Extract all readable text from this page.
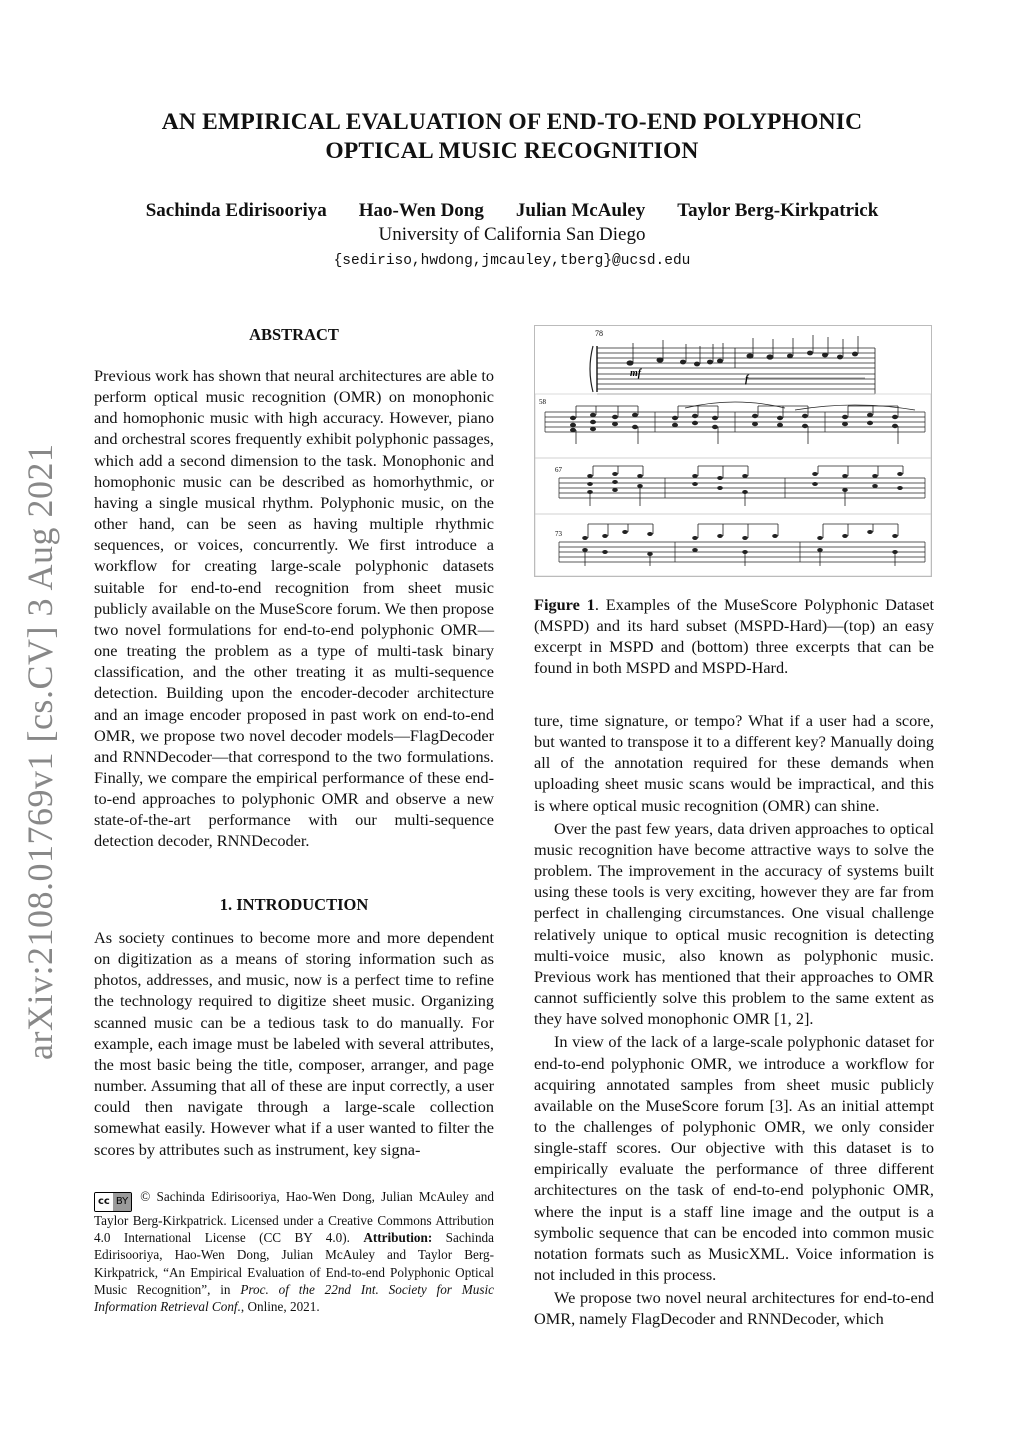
AN EMPIRICAL EVALUATION OF END-TO-END POLYPHONIC
OPTICAL MUSIC RECOGNITION
Sachinda Edirisooriya Hao-Wen Dong Julian McAuley Taylor Berg-Kirkpatrick
University of California San Diego
{sediriso,hwdong,jmcauley,tberg}@ucsd.edu
arXiv:2108.01769v1 [cs.CV] 3 Aug 2021
ABSTRACT
Previous work has shown that neural architectures are able to perform optical music recognition (OMR) on monophonic and homophonic music with high accuracy. However, piano and orchestral scores frequently exhibit polyphonic passages, which add a second dimension to the task. Monophonic and homophonic music can be described as homorhythmic, or having a single musical rhythm. Polyphonic music, on the other hand, can be seen as having multiple rhythmic sequences, or voices, concurrently. We first introduce a workflow for creating large-scale polyphonic datasets suitable for end-to-end recognition from sheet music publicly available on the MuseScore forum. We then propose two novel formulations for end-to-end polyphonic OMR—one treating the problem as a type of multi-task binary classification, and the other treating it as multi-sequence detection. Building upon the encoder-decoder architecture and an image encoder proposed in past work on end-to-end OMR, we propose two novel decoder models—FlagDecoder and RNNDecoder—that correspond to the two formulations. Finally, we compare the empirical performance of these end-to-end approaches to polyphonic OMR and observe a new state-of-the-art performance with our multi-sequence detection decoder, RNNDecoder.
1. INTRODUCTION
As society continues to become more and more dependent on digitization as a means of storing information such as photos, addresses, and music, now is a perfect time to refine the technology required to digitize sheet music. Organizing scanned music can be a tedious task to do manually. For example, each image must be labeled with several attributes, the most basic being the title, composer, arranger, and page number. Assuming that all of these are input correctly, a user could then navigate through a large-scale collection somewhat easily. However what if a user wanted to filter the scores by attributes such as instrument, key signa-
cc BY © Sachinda Edirisooriya, Hao-Wen Dong, Julian McAuley and Taylor Berg-Kirkpatrick. Licensed under a Creative Commons Attribution 4.0 International License (CC BY 4.0). Attribution: Sachinda Edirisooriya, Hao-Wen Dong, Julian McAuley and Taylor Berg-Kirkpatrick, “An Empirical Evaluation of End-to-end Polyphonic Optical Music Recognition”, in Proc. of the 22nd Int. Society for Music Information Retrieval Conf., Online, 2021.
78
mf
f
58
67
73
Figure 1. Examples of the MuseScore Polyphonic Dataset (MSPD) and its hard subset (MSPD-Hard)—(top) an easy excerpt in MSPD and (bottom) three excerpts that can be found in both MSPD and MSPD-Hard.
ture, time signature, or tempo? What if a user had a score, but wanted to transpose it to a different key? Manually doing all of the annotation required for these demands when uploading sheet music scans would be impractical, and this is where optical music recognition (OMR) can shine.
Over the past few years, data driven approaches to optical music recognition have become attractive ways to solve the problem. The improvement in the accuracy of systems built using these tools is very exciting, however they are far from perfect in challenging circumstances. One visual challenge relatively unique to optical music recognition is detecting multi-voice music, also known as polyphonic music. Previous work has mentioned that their approaches to OMR cannot sufficiently solve this problem to the same extent as they have solved monophonic OMR [1, 2].
In view of the lack of a large-scale polyphonic dataset for end-to-end polyphonic OMR, we introduce a workflow for acquiring annotated samples from sheet music publicly available on the MuseScore forum [3]. As an initial attempt to the challenges of polyphonic OMR, we only consider single-staff scores. Our objective with this dataset is to empirically evaluate the performance of three different architectures on the task of end-to-end polyphonic OMR, where the input is a staff line image and the output is a symbolic sequence that can be encoded into common music notation formats such as MusicXML. Voice information is not included in this process.
We propose two novel neural architectures for end-to-end OMR, namely FlagDecoder and RNNDecoder, which
